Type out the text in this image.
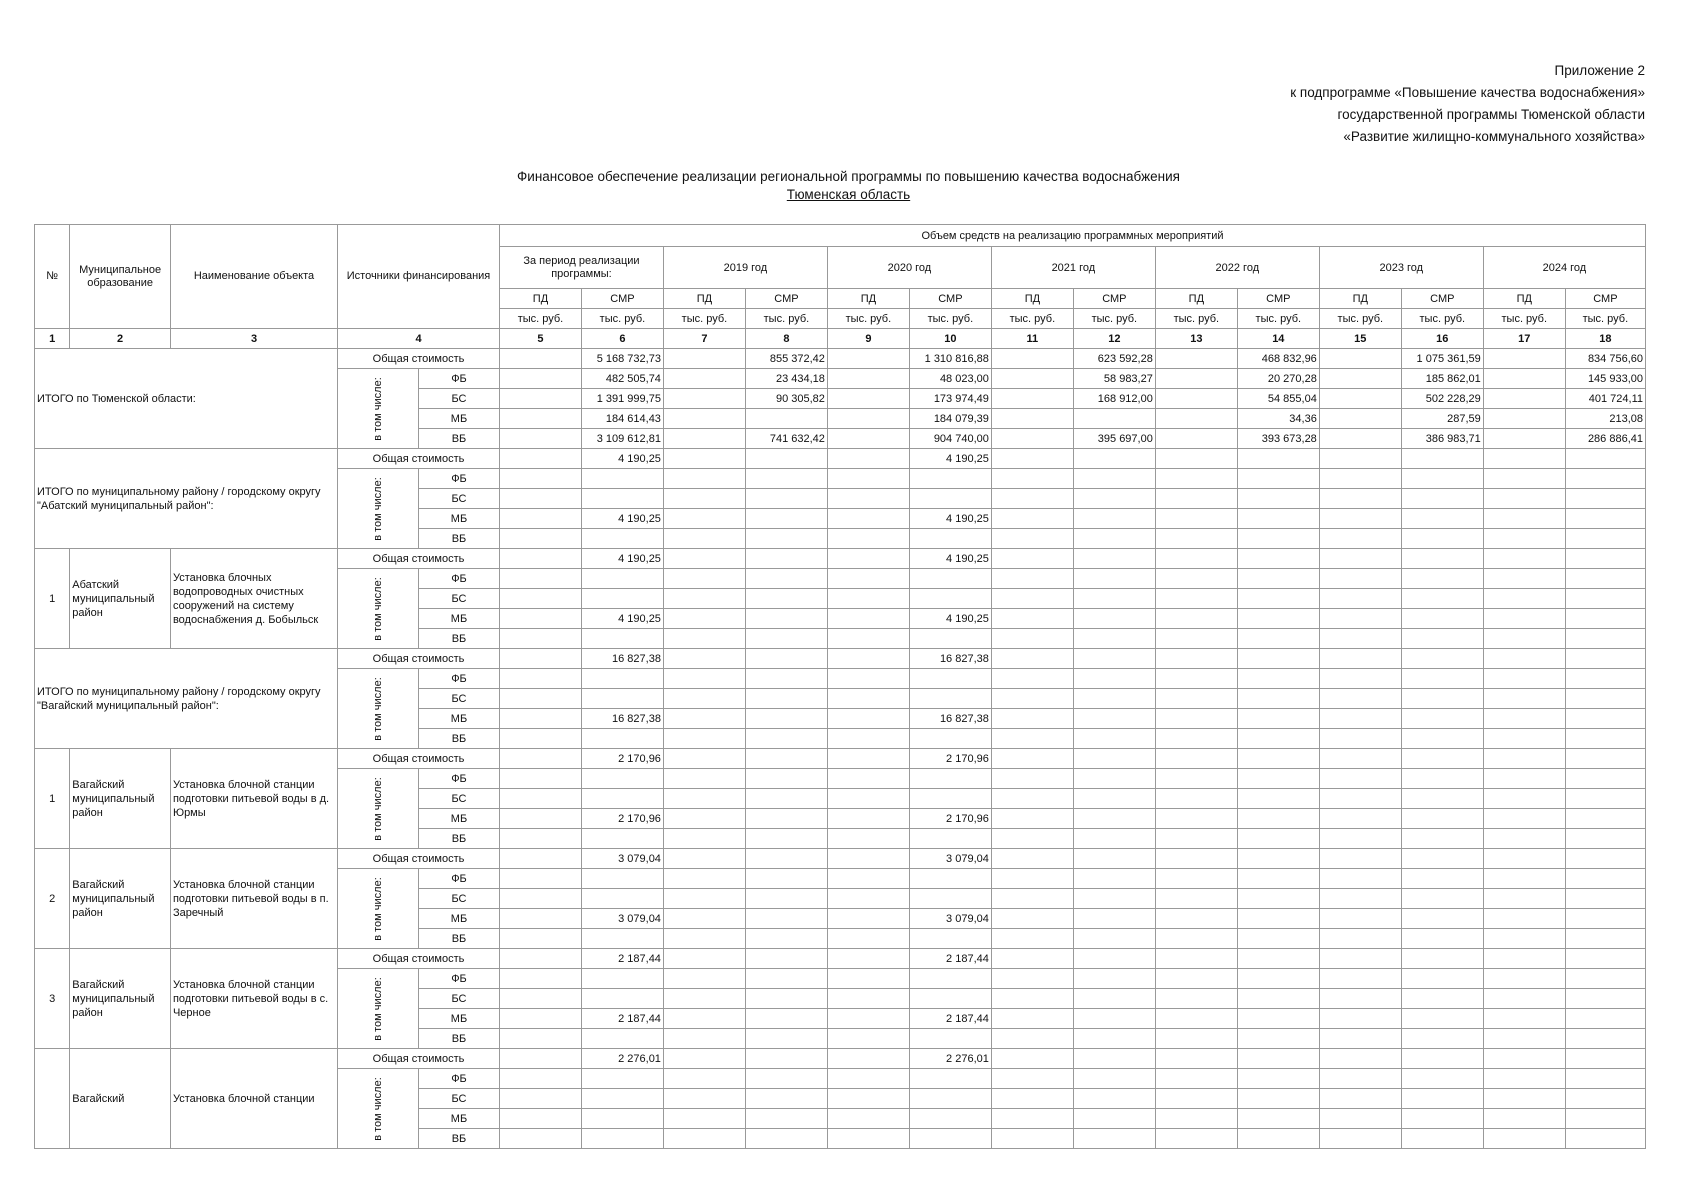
Приложение 2
к подпрограмме «Повышение качества водоснабжения»
государственной программы Тюменской области
«Развитие жилищно-коммунального хозяйства»
Финансовое обеспечение реализации региональной программы по повышению качества водоснабжения
Тюменская область
№	Муниципальное образование	Наименование объекта	Источники финансирования		Объем средств на реализацию программных мероприятий													
					За период реализации программы:		2019 год		2020 год		2021 год		2022 год		2023 год		2024 год	
					ПД	СМР	ПД	СМР	ПД	СМР	ПД	СМР	ПД	СМР	ПД	СМР	ПД	СМР
					тыс. руб.	тыс. руб.	тыс. руб.	тыс. руб.	тыс. руб.	тыс. руб.	тыс. руб.	тыс. руб.	тыс. руб.	тыс. руб.	тыс. руб.	тыс. руб.	тыс. руб.	тыс. руб.
1	2	3	4		5	6	7	8	9	10	11	12	13	14	15	16	17	18
ИТОГО по Тюменской области:			Общая стоимость			5 168 732,73		855 372,42		1 310 816,88		623 592,28		468 832,96		1 075 361,59		834 756,60

			в том числе:	ФБ		482 505,74		23 434,18		48 023,00		58 983,27		20 270,28		185 862,01		145 933,00
				БС		1 391 999,75		90 305,82		173 974,49		168 912,00		54 855,04		502 228,29		401 724,11
				МБ		184 614,43				184 079,39				34,36		287,59		213,08
				ВБ		3 109 612,81		741 632,42		904 740,00		395 697,00		393 673,28		386 983,71		286 886,41
ИТОГО по муниципальному району / городскому округу "Абатский муниципальный район":			Общая стоимость			4 190,25				4 190,25								

			в том числе:	ФБ														
				БС														
				МБ		4 190,25				4 190,25								
				ВБ														
1	Абатский муниципальный район	Установка блочных водопроводных очистных сооружений на систему водоснабжения д. Бобыльск	Общая стоимость			4 190,25				4 190,25								

			в том числе:	ФБ														
				БС														
				МБ		4 190,25				4 190,25								
				ВБ														
ИТОГО по муниципальному району / городскому округу "Вагайский муниципальный район":			Общая стоимость			16 827,38				16 827,38								

			в том числе:	ФБ														
				БС														
				МБ		16 827,38				16 827,38								
				ВБ														
1	Вагайский муниципальный район	Установка блочной станции подготовки питьевой воды в д. Юрмы	Общая стоимость			2 170,96				2 170,96								

			в том числе:	ФБ														
				БС														
				МБ		2 170,96				2 170,96								
				ВБ														
2	Вагайский муниципальный район	Установка блочной станции подготовки питьевой воды в п. Заречный	Общая стоимость			3 079,04				3 079,04								

			в том числе:	ФБ														
				БС														
				МБ		3 079,04				3 079,04								
				ВБ														
3	Вагайский муниципальный район	Установка блочной станции подготовки питьевой воды в с. Черное	Общая стоимость			2 187,44				2 187,44								

			в том числе:	ФБ														
				БС														
				МБ		2 187,44				2 187,44								
				ВБ														
	Вагайский	Установка блочной станции	Общая стоимость			2 276,01				2 276,01								

			в том числе:	ФБ														
				БС														
				МБ														
				ВБ														
